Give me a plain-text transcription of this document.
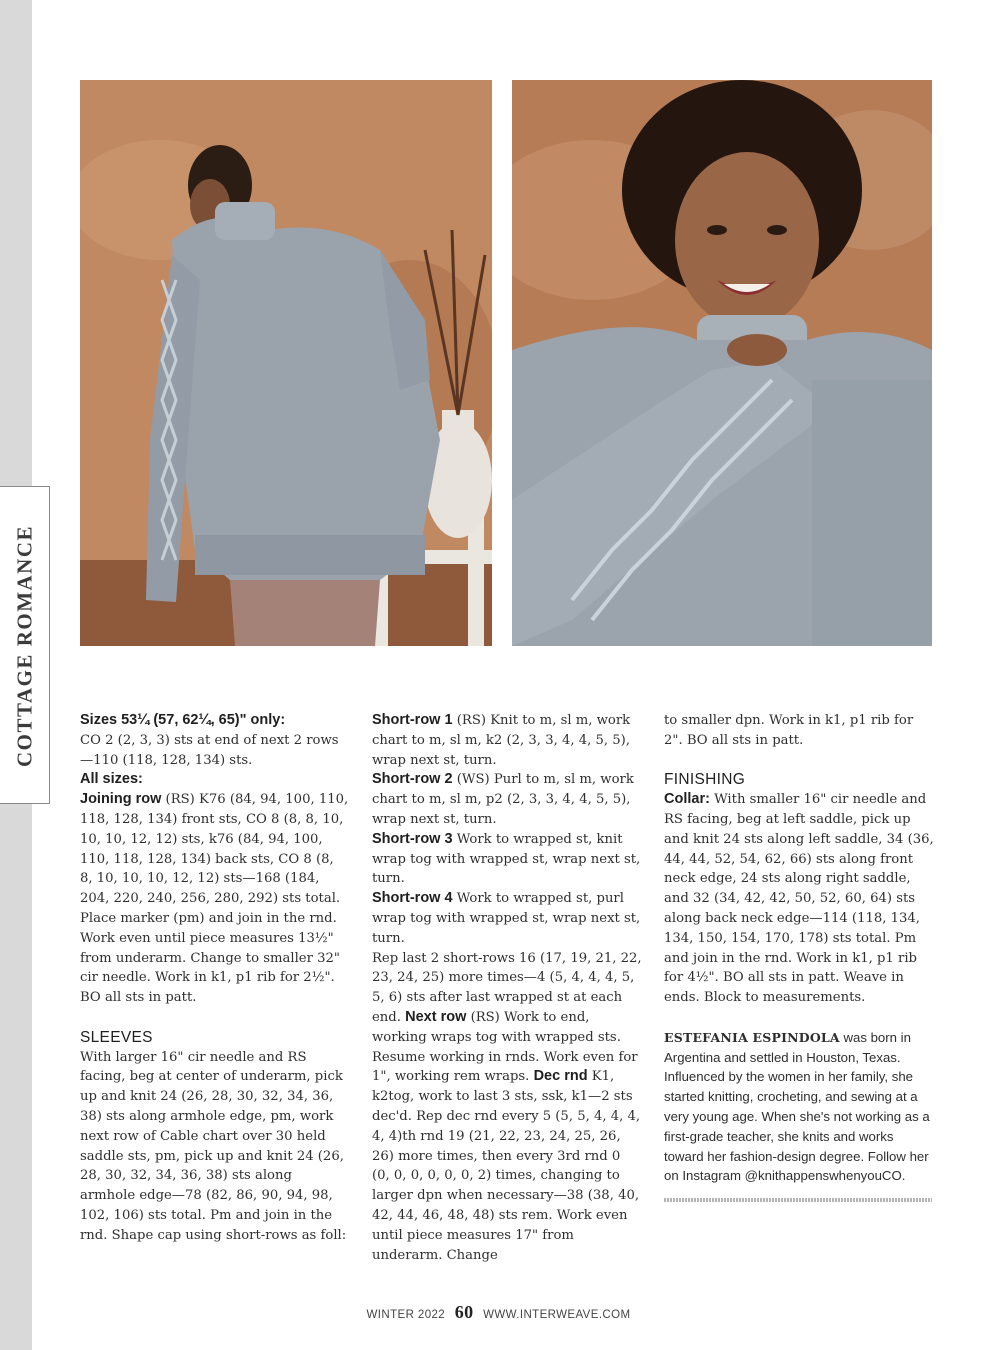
COTTAGE ROMANCE	Sizes 53¼ (57, 62¼, 65)" only:
CO 2 (2, 3, 3) sts at end of next 2 rows—110 (118, 128, 134) sts.

All sizes:

Joining row (RS) K76 (84, 94, 100, 110, 118, 128, 134) front sts, CO 8 (8, 8, 10, 10, 10, 12, 12) sts, k76 (84, 94, 100, 110, 118, 128, 134) back sts, CO 8 (8, 8, 10, 10, 10, 12, 12) sts—168 (184, 204, 220, 240, 256, 280, 292) sts total. Place marker (pm) and join in the rnd. Work even until piece measures 13½" from underarm. Change to smaller 32" cir needle. Work in k1, p1 rib for 2½". BO all sts in patt.

SLEEVES

With larger 16" cir needle and RS facing, beg at center of underarm, pick up and knit 24 (26, 28, 30, 32, 34, 36, 38) sts along armhole edge, pm, work next row of Cable chart over 30 held saddle sts, pm, pick up and knit 24 (26, 28, 30, 32, 34, 36, 38) sts along armhole edge—78 (82, 86, 90, 94, 98, 102, 106) sts total. Pm and join in the rnd. Shape cap using short-rows as foll:

Short-row 1 (RS) Knit to m, sl m, work chart to m, sl m, k2 (2, 3, 3, 4, 4, 5, 5), wrap next st, turn.

Short-row 2 (WS) Purl to m, sl m, work chart to m, sl m, p2 (2, 3, 3, 4, 4, 5, 5), wrap next st, turn.

Short-row 3 Work to wrapped st, knit wrap tog with wrapped st, wrap next st, turn.

Short-row 4 Work to wrapped st, purl wrap tog with wrapped st, wrap next st, turn.

Rep last 2 short-rows 16 (17, 19, 21, 22, 23, 24, 25) more times—4 (5, 4, 4, 4, 5, 5, 6) sts after last wrapped st at each end. Next row (RS) Work to end, working wraps tog with wrapped sts. Resume working in rnds. Work even for 1", working rem wraps. Dec rnd K1, k2tog, work to last 3 sts, ssk, k1—2 sts dec'd. Rep dec rnd every 5 (5, 5, 4, 4, 4, 4, 4)th rnd 19 (21, 22, 23, 24, 25, 26, 26) more times, then every 3rd rnd 0 (0, 0, 0, 0, 0, 0, 2) times, changing to larger dpn when necessary—38 (38, 40, 42, 44, 46, 48, 48) sts rem. Work even until piece measures 17" from underarm. Change

to smaller dpn. Work in k1, p1 rib for 2". BO all sts in patt.

FINISHING

Collar: With smaller 16" cir needle and RS facing, beg at left saddle, pick up and knit 24 sts along left saddle, 34 (36, 44, 44, 52, 54, 62, 66) sts along front neck edge, 24 sts along right saddle, and 32 (34, 42, 42, 50, 52, 60, 64) sts along back neck edge—114 (118, 134, 134, 150, 154, 170, 178) sts total. Pm and join in the rnd. Work in k1, p1 rib for 4½". BO all sts in patt. Weave in ends. Block to measurements.

ESTEFANIA ESPINDOLA was born in Argentina and settled in Houston, Texas. Influenced by the women in her family, she started knitting, crocheting, and sewing at a very young age. When she's not working as a first-grade teacher, she knits and works toward her fashion-design degree. Follow her on Instagram @knithappenswhenyouCO.

WINTER 2022 60 WWW.INTERWEAVE.COM
